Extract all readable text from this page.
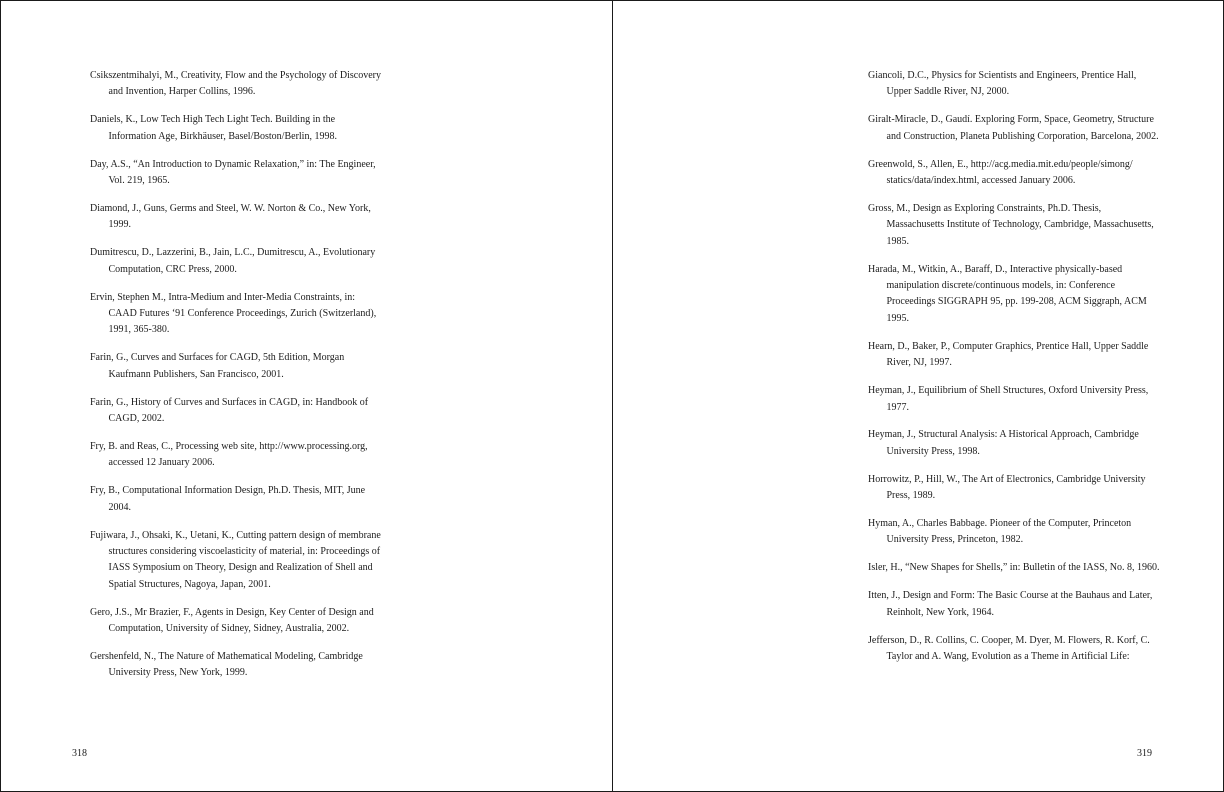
Csikszentmihalyi, M., Creativity, Flow and the Psychology of Discovery and Invention, Harper Collins, 1996.

Daniels, K., Low Tech High Tech Light Tech. Building in the Information Age, Birkhäuser, Basel/Boston/Berlin, 1998.

Day, A.S., “An Introduction to Dynamic Relaxation,” in: The Engineer, Vol. 219, 1965.

Diamond, J., Guns, Germs and Steel, W. W. Norton & Co., New York, 1999.

Dumitrescu, D., Lazzerini, B., Jain, L.C., Dumitrescu, A., Evolutionary Computation, CRC Press, 2000.

Ervin, Stephen M., Intra-Medium and Inter-Media Constraints, in: CAAD Futures ‘91 Conference Proceedings, Zurich (Switzerland), 1991, 365-380.

Farin, G., Curves and Surfaces for CAGD, 5th Edition, Morgan Kaufmann Publishers, San Francisco, 2001.

Farin, G., History of Curves and Surfaces in CAGD, in: Handbook of CAGD, 2002.

Fry, B. and Reas, C., Processing web site, http://www.processing.org, accessed 12 January 2006.

Fry, B., Computational Information Design, Ph.D. Thesis, MIT, June 2004.

Fujiwara, J., Ohsaki, K., Uetani, K., Cutting pattern design of membrane structures considering viscoelasticity of material, in: Proceedings of IASS Symposium on Theory, Design and Realization of Shell and Spatial Structures, Nagoya, Japan, 2001.

Gero, J.S., Mr Brazier, F., Agents in Design, Key Center of Design and Computation, University of Sidney, Sidney, Australia, 2002.

Gershenfeld, N., The Nature of Mathematical Modeling, Cambridge University Press, New York, 1999.

318

Giancoli, D.C., Physics for Scientists and Engineers, Prentice Hall, Upper Saddle River, NJ, 2000.

Giralt-Miracle, D., Gaudí. Exploring Form, Space, Geometry, Structure and Construction, Planeta Publishing Corporation, Barcelona, 2002.

Greenwold, S., Allen, E., http://acg.media.mit.edu/people/simong/ statics/data/index.html, accessed January 2006.

Gross, M., Design as Exploring Constraints, Ph.D. Thesis, Massachusetts Institute of Technology, Cambridge, Massachusetts, 1985.

Harada, M., Witkin, A., Baraff, D., Interactive physically-based manipulation discrete/continuous models, in: Conference Proceedings SIGGRAPH 95, pp. 199-208, ACM Siggraph, ACM 1995.

Hearn, D., Baker, P., Computer Graphics, Prentice Hall, Upper Saddle River, NJ, 1997.

Heyman, J., Equilibrium of Shell Structures, Oxford University Press, 1977.

Heyman, J., Structural Analysis: A Historical Approach, Cambridge University Press, 1998.

Horrowitz, P., Hill, W., The Art of Electronics, Cambridge University Press, 1989.

Hyman, A., Charles Babbage. Pioneer of the Computer, Princeton University Press, Princeton, 1982.

Isler, H., “New Shapes for Shells,” in: Bulletin of the IASS, No. 8, 1960.

Itten, J., Design and Form: The Basic Course at the Bauhaus and Later, Reinholt, New York, 1964.

Jefferson, D., R. Collins, C. Cooper, M. Dyer, M. Flowers, R. Korf, C. Taylor and A. Wang, Evolution as a Theme in Artificial Life:

319
